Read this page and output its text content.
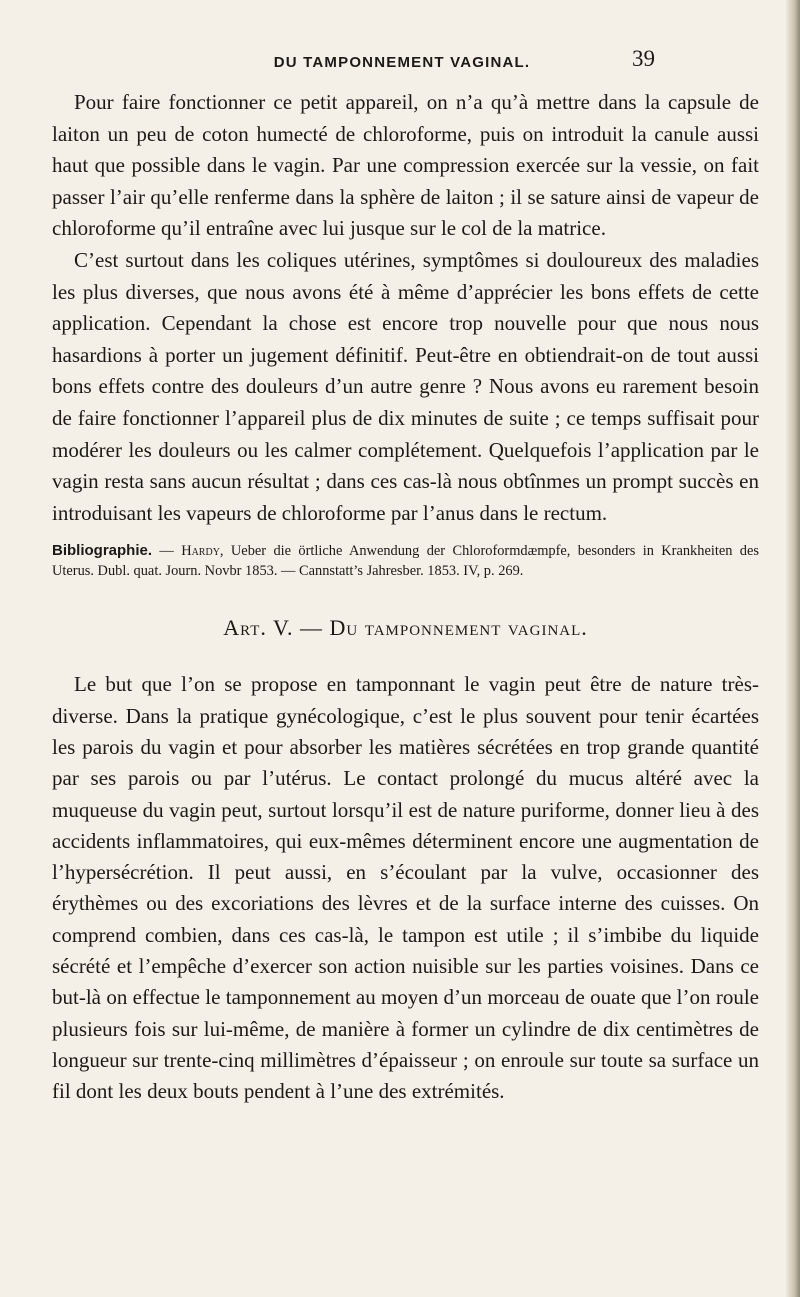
DU TAMPONNEMENT VAGINAL.	39

Pour faire fonctionner ce petit appareil, on n’a qu’à mettre dans la capsule de laiton un peu de coton humecté de chloroforme, puis on introduit la canule aussi haut que possible dans le vagin. Par une compression exercée sur la vessie, on fait passer l’air qu’elle renferme dans la sphère de laiton ; il se sature ainsi de vapeur de chloroforme qu’il entraîne avec lui jusque sur le col de la matrice.

C’est surtout dans les coliques utérines, symptômes si douloureux des maladies les plus diverses, que nous avons été à même d’apprécier les bons effets de cette application. Cependant la chose est encore trop nouvelle pour que nous nous hasardions à porter un jugement définitif. Peut-être en obtiendrait-on de tout aussi bons effets contre des douleurs d’un autre genre ? Nous avons eu rarement besoin de faire fonctionner l’appareil plus de dix minutes de suite ; ce temps suffisait pour modérer les douleurs ou les calmer complétement. Quelquefois l’application par le vagin resta sans aucun résultat ; dans ces cas-là nous obtînmes un prompt succès en introduisant les vapeurs de chloroforme par l’anus dans le rectum.

Bibliographie. — Hardy, Ueber die örtliche Anwendung der Chloroformdæmpfe, besonders in Krankheiten des Uterus. Dubl. quat. Journ. Novbr 1853. — Cannstatt’s Jahresber. 1853. IV, p. 269.
Art. V. — Du tamponnement vaginal.

Le but que l’on se propose en tamponnant le vagin peut être de nature très-diverse. Dans la pratique gynécologique, c’est le plus souvent pour tenir écartées les parois du vagin et pour absorber les matières sécrétées en trop grande quantité par ses parois ou par l’utérus. Le contact prolongé du mucus altéré avec la muqueuse du vagin peut, surtout lorsqu’il est de nature puriforme, donner lieu à des accidents inflammatoires, qui eux-mêmes déterminent encore une augmentation de l’hypersécrétion. Il peut aussi, en s’écoulant par la vulve, occasionner des érythèmes ou des excoriations des lèvres et de la surface interne des cuisses. On comprend combien, dans ces cas-là, le tampon est utile ; il s’imbibe du liquide sécrété et l’empêche d’exercer son action nuisible sur les parties voisines. Dans ce but-là on effectue le tamponnement au moyen d’un morceau de ouate que l’on roule plusieurs fois sur lui-même, de manière à former un cylindre de dix centimètres de longueur sur trente-cinq millimètres d’épaisseur ; on enroule sur toute sa surface un fil dont les deux bouts pendent à l’une des extrémités.
